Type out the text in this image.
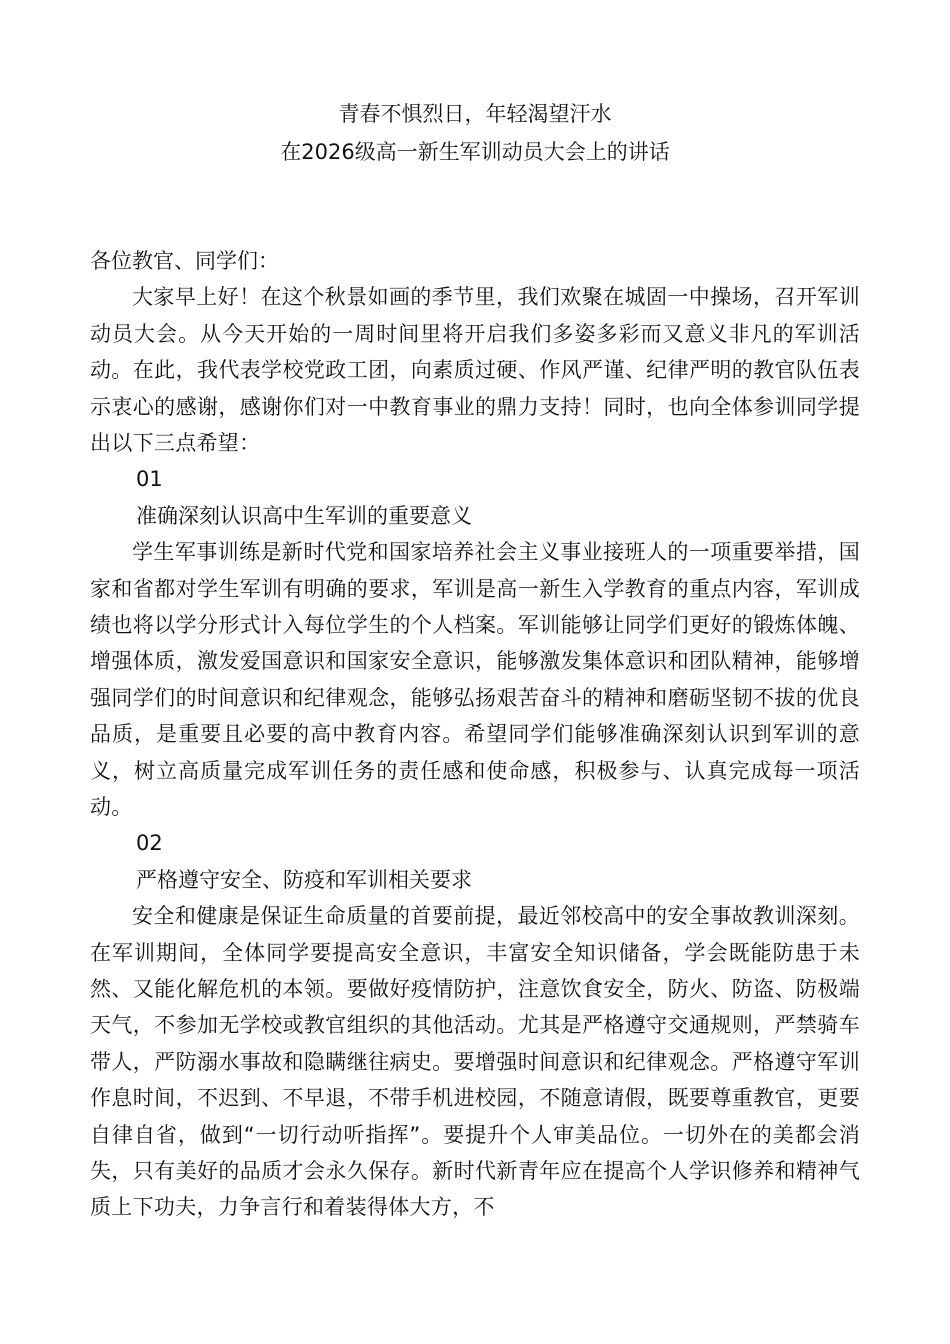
青春不惧烈日，年轻渴望汗水
在2026级高一新生军训动员大会上的讲话

各位教官、同学们：

大家早上好！在这个秋景如画的季节里，我们欢聚在城固一中操场，召开军训动员大会。从今天开始的一周时间里将开启我们多姿多彩而又意义非凡的军训活动。在此，我代表学校党政工团，向素质过硬、作风严谨、纪律严明的教官队伍表示衷心的感谢，感谢你们对一中教育事业的鼎力支持！同时，也向全体参训同学提出以下三点希望：

01

准确深刻认识高中生军训的重要意义

学生军事训练是新时代党和国家培养社会主义事业接班人的一项重要举措，国家和省都对学生军训有明确的要求，军训是高一新生入学教育的重点内容，军训成绩也将以学分形式计入每位学生的个人档案。军训能够让同学们更好的锻炼体魄、增强体质，激发爱国意识和国家安全意识，能够激发集体意识和团队精神，能够增强同学们的时间意识和纪律观念，能够弘扬艰苦奋斗的精神和磨砺坚韧不拔的优良品质，是重要且必要的高中教育内容。希望同学们能够准确深刻认识到军训的意义，树立高质量完成军训任务的责任感和使命感，积极参与、认真完成每一项活动。

02

严格遵守安全、防疫和军训相关要求

安全和健康是保证生命质量的首要前提，最近邻校高中的安全事故教训深刻。在军训期间，全体同学要提高安全意识，丰富安全知识储备，学会既能防患于未然、又能化解危机的本领。要做好疫情防护，注意饮食安全，防火、防盗、防极端天气，不参加无学校或教官组织的其他活动。尤其是严格遵守交通规则，严禁骑车带人，严防溺水事故和隐瞒继往病史。要增强时间意识和纪律观念。严格遵守军训作息时间，不迟到、不早退，不带手机进校园，不随意请假，既要尊重教官，更要自律自省，做到“一切行动听指挥”。要提升个人审美品位。一切外在的美都会消失，只有美好的品质才会永久保存。新时代新青年应在提高个人学识修养和精神气质上下功夫，力争言行和着装得体大方，不
